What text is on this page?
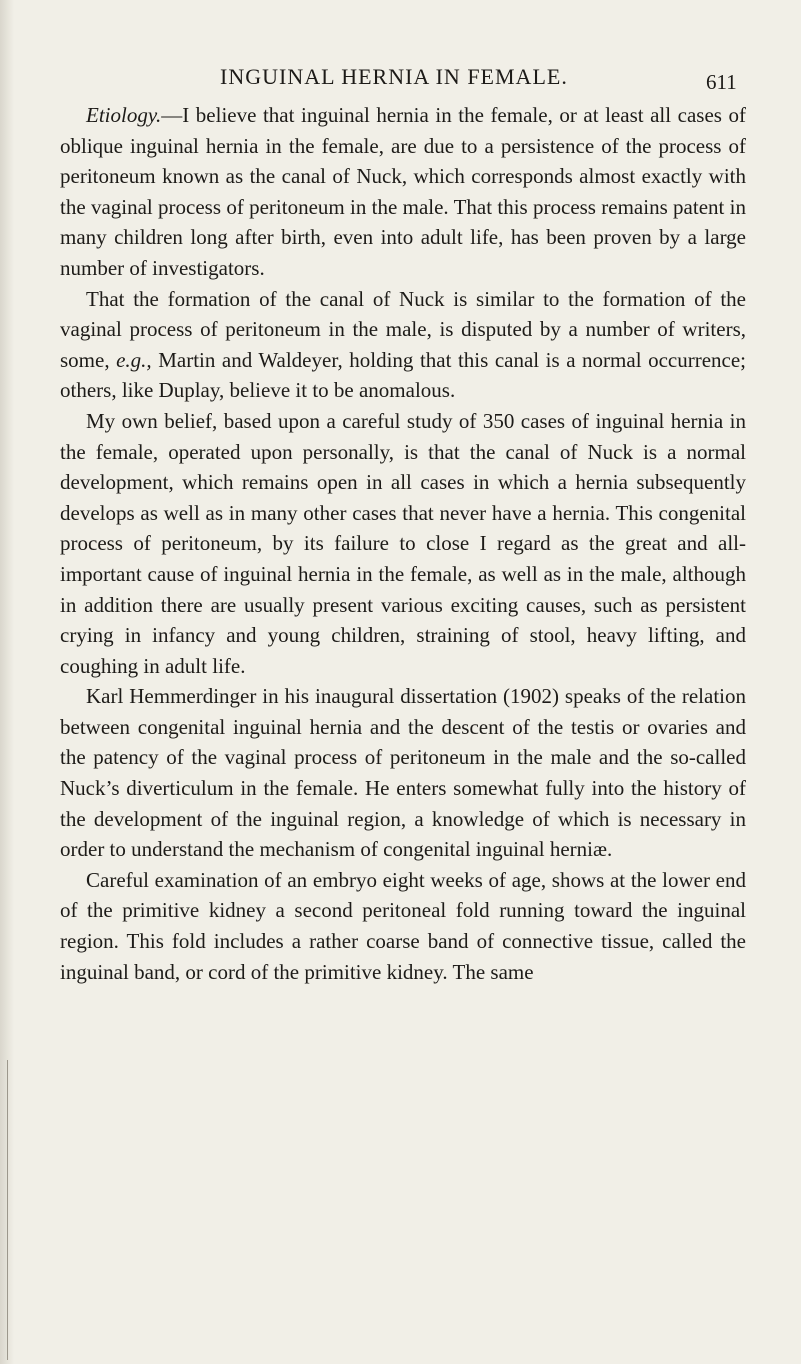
INGUINAL HERNIA IN FEMALE.	611

Etiology.—I believe that inguinal hernia in the female, or at least all cases of oblique inguinal hernia in the female, are due to a persistence of the process of peritoneum known as the canal of Nuck, which corresponds almost exactly with the vaginal process of peritoneum in the male. That this process remains patent in many children long after birth, even into adult life, has been proven by a large number of investigators.

That the formation of the canal of Nuck is similar to the formation of the vaginal process of peritoneum in the male, is disputed by a number of writers, some, e.g., Martin and Waldeyer, holding that this canal is a normal occurrence; others, like Duplay, believe it to be anomalous.

My own belief, based upon a careful study of 350 cases of inguinal hernia in the female, operated upon personally, is that the canal of Nuck is a normal development, which remains open in all cases in which a hernia subsequently develops as well as in many other cases that never have a hernia. This congenital process of peritoneum, by its failure to close I regard as the great and all-important cause of inguinal hernia in the female, as well as in the male, although in addition there are usually present various exciting causes, such as persistent crying in infancy and young children, straining of stool, heavy lifting, and coughing in adult life.

Karl Hemmerdinger in his inaugural dissertation (1902) speaks of the relation between congenital inguinal hernia and the descent of the testis or ovaries and the patency of the vaginal process of peritoneum in the male and the so-called Nuck’s diverticulum in the female. He enters somewhat fully into the history of the development of the inguinal region, a knowledge of which is necessary in order to understand the mechanism of congenital inguinal herniæ.

Careful examination of an embryo eight weeks of age, shows at the lower end of the primitive kidney a second peritoneal fold running toward the inguinal region. This fold includes a rather coarse band of connective tissue, called the inguinal band, or cord of the primitive kidney. The same
